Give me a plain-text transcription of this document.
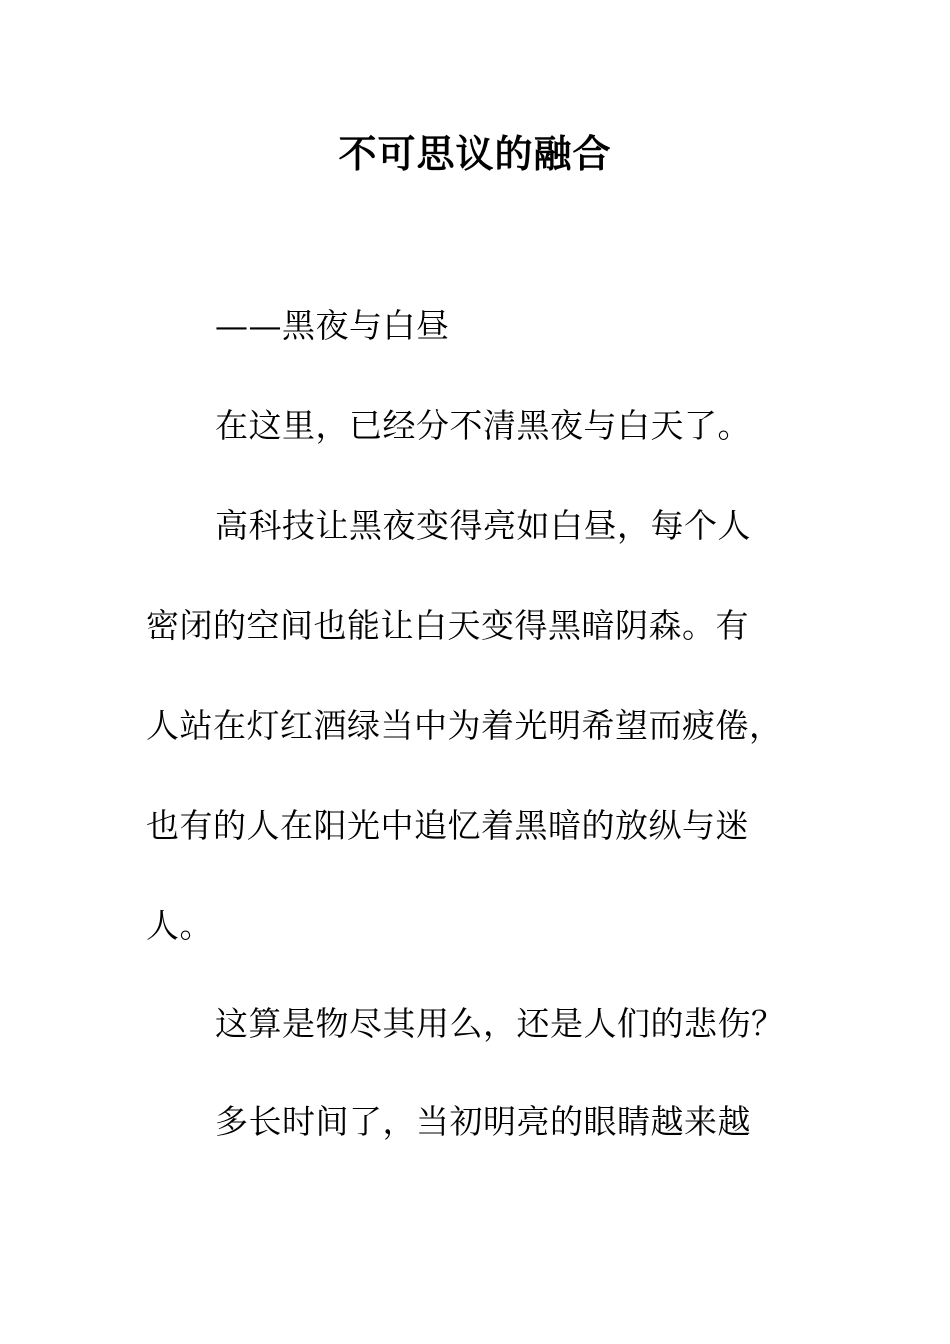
不可思议的融合
——黑夜与白昼
在这里，已经分不清黑夜与白天了。
高科技让黑夜变得亮如白昼，每个人
密闭的空间也能让白天变得黑暗阴森。有
人站在灯红酒绿当中为着光明希望而疲倦，
也有的人在阳光中追忆着黑暗的放纵与迷
人。
这算是物尽其用么，还是人们的悲伤？
多长时间了，当初明亮的眼睛越来越
